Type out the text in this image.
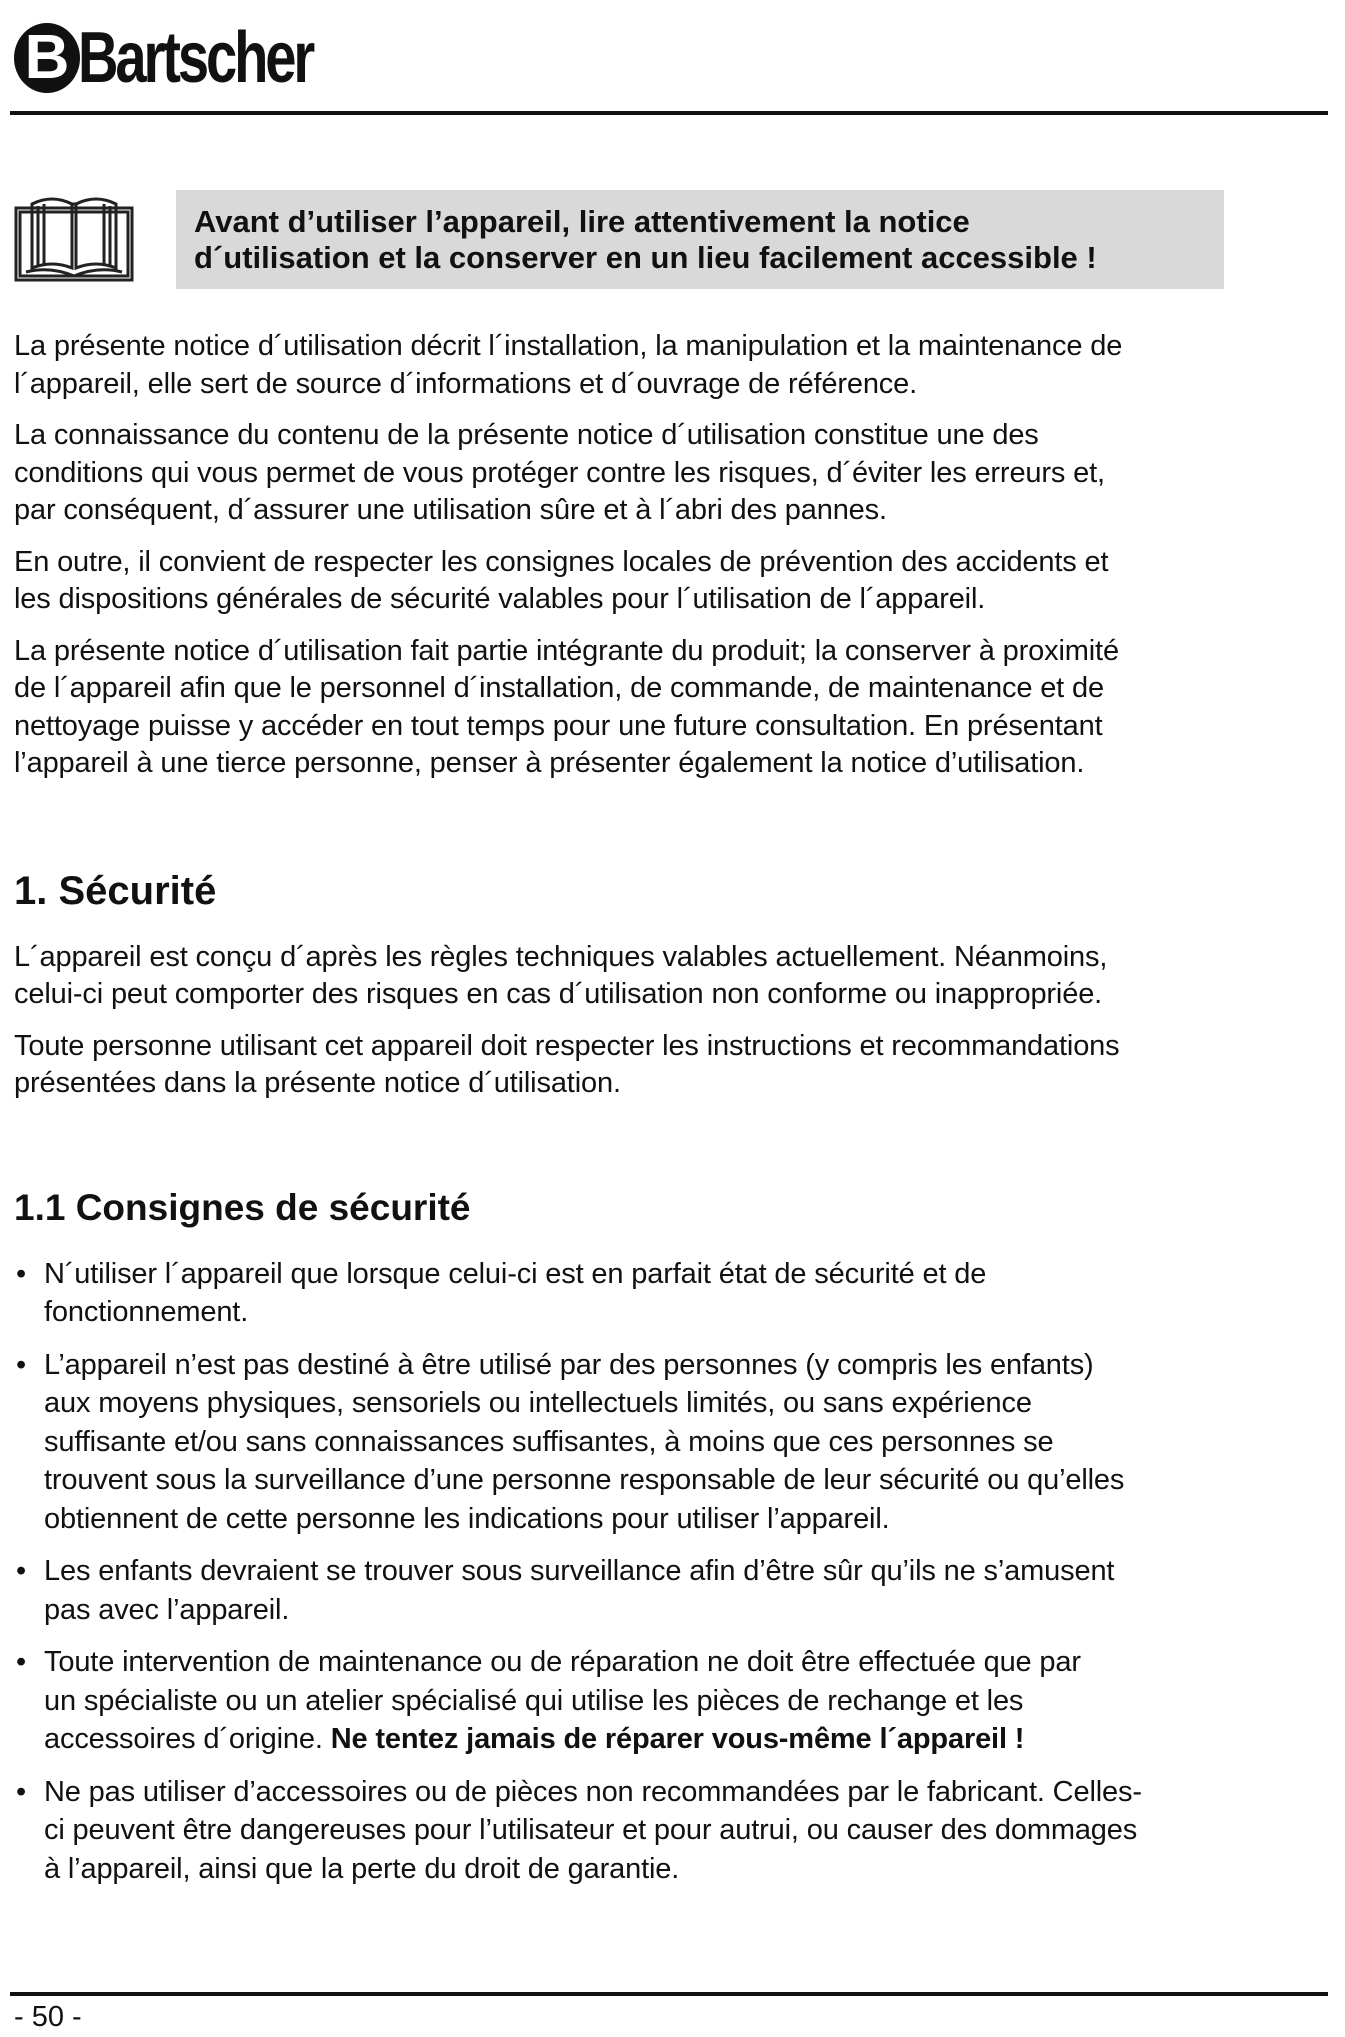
B Bartscher
Avant d’utiliser l’appareil, lire attentivement la notice
d´utilisation et la conserver en un lieu facilement accessible !

La présente notice d´utilisation décrit l´installation, la manipulation et la maintenance de
l´appareil, elle sert de source d´informations et d´ouvrage de référence.

La connaissance du contenu de la présente notice d´utilisation constitue une des
conditions qui vous permet de vous protéger contre les risques, d´éviter les erreurs et,
par conséquent, d´assurer une utilisation sûre et à l´abri des pannes.

En outre, il convient de respecter les consignes locales de prévention des accidents et
les dispositions générales de sécurité valables pour l´utilisation de l´appareil.

La présente notice d´utilisation fait partie intégrante du produit; la conserver à proximité
de l´appareil afin que le personnel d´installation, de commande, de maintenance et de
nettoyage puisse y accéder en tout temps pour une future consultation. En présentant
l’appareil à une tierce personne, penser à présenter également la notice d’utilisation.

1. Sécurité

L´appareil est conçu d´après les règles techniques valables actuellement. Néanmoins,
celui-ci peut comporter des risques en cas d´utilisation non conforme ou inappropriée.

Toute personne utilisant cet appareil doit respecter les instructions et recommandations
présentées dans la présente notice d´utilisation.

1.1 Consignes de sécurité
• N´utiliser l´appareil que lorsque celui-ci est en parfait état de sécurité et de
fonctionnement.
• L’appareil n’est pas destiné à être utilisé par des personnes (y compris les enfants)
aux moyens physiques, sensoriels ou intellectuels limités, ou sans expérience
suffisante et/ou sans connaissances suffisantes, à moins que ces personnes se
trouvent sous la surveillance d’une personne responsable de leur sécurité ou qu’elles
obtiennent de cette personne les indications pour utiliser l’appareil.
• Les enfants devraient se trouver sous surveillance afin d’être sûr qu’ils ne s’amusent
pas avec l’appareil.
• Toute intervention de maintenance ou de réparation ne doit être effectuée que par
un spécialiste ou un atelier spécialisé qui utilise les pièces de rechange et les
accessoires d´origine. Ne tentez jamais de réparer vous-même l´appareil !
• Ne pas utiliser d’accessoires ou de pièces non recommandées par le fabricant. Celles-
ci peuvent être dangereuses pour l’utilisateur et pour autrui, ou causer des dommages
à l’appareil, ainsi que la perte du droit de garantie.
- 50 -
